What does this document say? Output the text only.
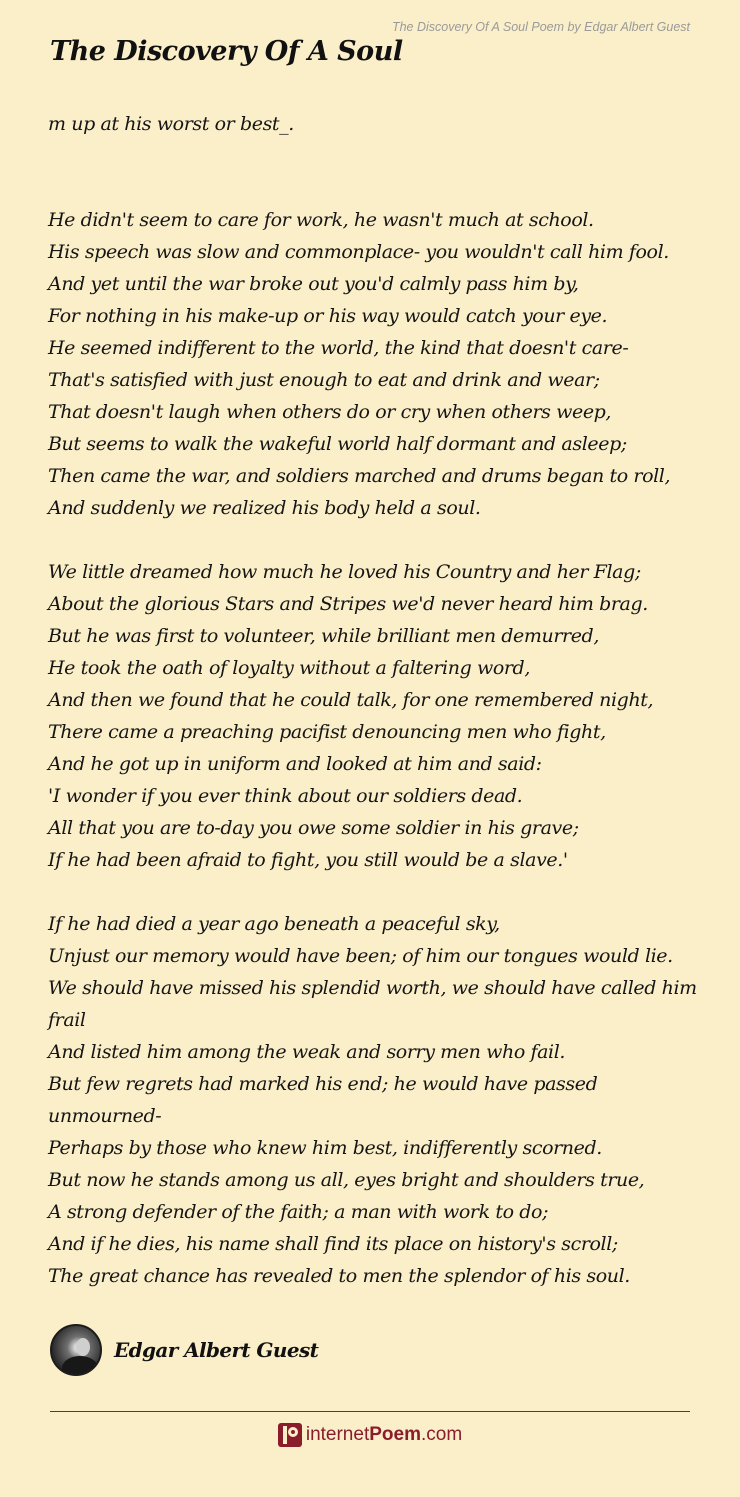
The Discovery Of A Soul Poem by Edgar Albert Guest
The Discovery Of A Soul
m up at his worst or best_.
He didn't seem to care for work, he wasn't much at school.
His speech was slow and commonplace- you wouldn't call him fool.
And yet until the war broke out you'd calmly pass him by,
For nothing in his make-up or his way would catch your eye.
He seemed indifferent to the world, the kind that doesn't care-
That's satisfied with just enough to eat and drink and wear;
That doesn't laugh when others do or cry when others weep,
But seems to walk the wakeful world half dormant and asleep;
Then came the war, and soldiers marched and drums began to roll,
And suddenly we realized his body held a soul.
We little dreamed how much he loved his Country and her Flag;
About the glorious Stars and Stripes we'd never heard him brag.
But he was first to volunteer, while brilliant men demurred,
He took the oath of loyalty without a faltering word,
And then we found that he could talk, for one remembered night,
There came a preaching pacifist denouncing men who fight,
And he got up in uniform and looked at him and said:
'I wonder if you ever think about our soldiers dead.
All that you are to-day you owe some soldier in his grave;
If he had been afraid to fight, you still would be a slave.'
If he had died a year ago beneath a peaceful sky,
Unjust our memory would have been; of him our tongues would lie.
We should have missed his splendid worth, we should have called him frail
And listed him among the weak and sorry men who fail.
But few regrets had marked his end; he would have passed unmourned-
Perhaps by those who knew him best, indifferently scorned.
But now he stands among us all, eyes bright and shoulders true,
A strong defender of the faith; a man with work to do;
And if he dies, his name shall find its place on history's scroll;
The great chance has revealed to men the splendor of his soul.
Edgar Albert Guest
internetPoem.com
